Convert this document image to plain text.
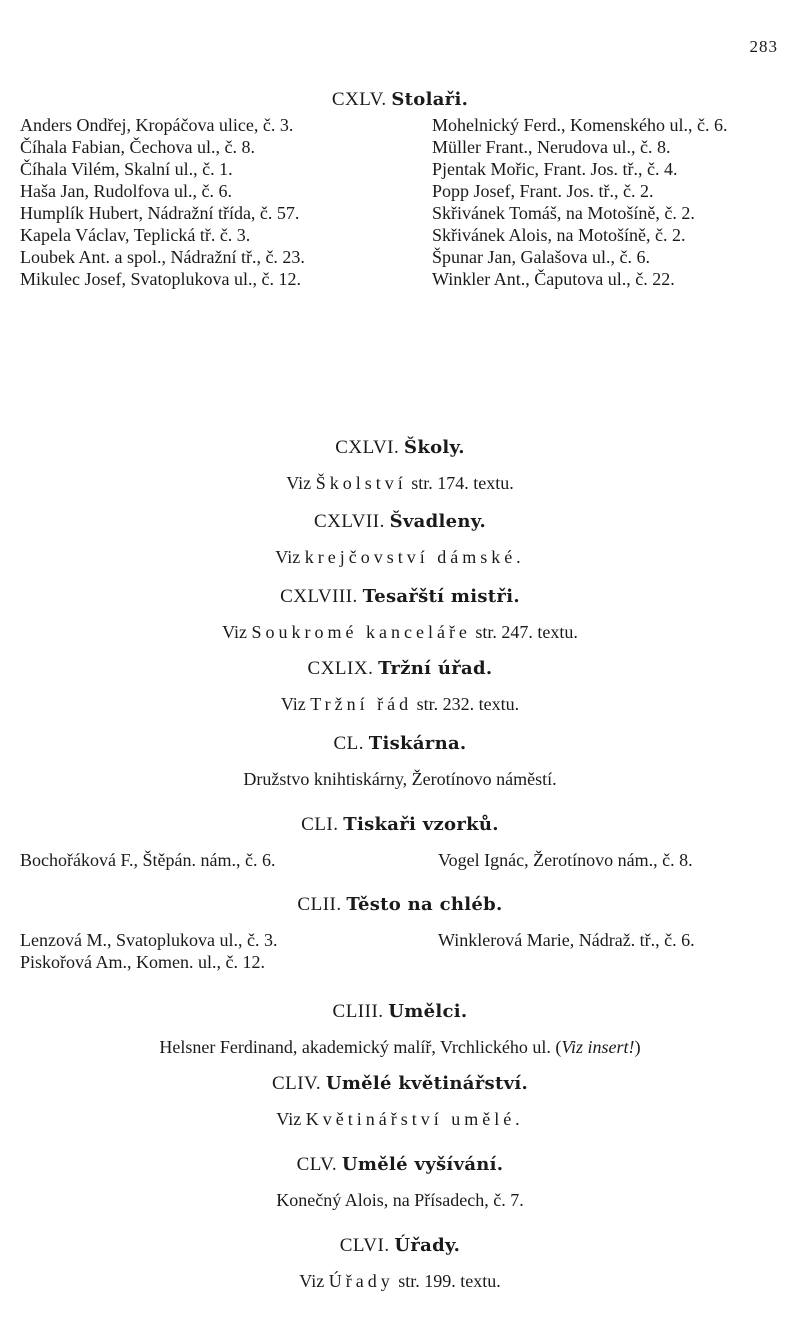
283
CXLV. Stolaři.

Anders Ondřej, Kropáčova ulice, č. 3.

Číhala Fabian, Čechova ul., č. 8.

Číhala Vilém, Skalní ul., č. 1.

Haša Jan, Rudolfova ul., č. 6.

Humplík Hubert, Nádražní třída, č. 57.

Kapela Václav, Teplická tř. č. 3.

Loubek Ant. a spol., Nádražní tř., č. 23.

Mikulec Josef, Svatoplukova ul., č. 12.

Mohelnický Ferd., Komenského ul., č. 6.

Müller Frant., Nerudova ul., č. 8.

Pjentak Mořic, Frant. Jos. tř., č. 4.

Popp Josef, Frant. Jos. tř., č. 2.

Skřivánek Tomáš, na Motošíně, č. 2.

Skřivánek Alois, na Motošíně, č. 2.

Špunar Jan, Galašova ul., č. 6.

Winkler Ant., Čaputova ul., č. 22.

CXLVI. Školy.
Viz Školství str. 174. textu.
CXLVII. Švadleny.
Viz krejčovství dámské.
CXLVIII. Tesařští mistři.
Viz Soukromé kanceláře str. 247. textu.
CXLIX. Tržní úřad.
Viz Tržní řád str. 232. textu.
CL. Tiskárna.
Družstvo knihtiskárny, Žerotínovo náměstí.
CLI. Tiskaři vzorků.

Bochořáková F., Štěpán. nám., č. 6.	Vogel Ignác, Žerotínovo nám., č. 8.

CLII. Těsto na chléb.

Lenzová M., Svatoplukova ul., č. 3.

Piskořová Am., Komen. ul., č. 12.

Winklerová Marie, Nádraž. tř., č. 6.

CLIII. Umělci.
Helsner Ferdinand, akademický malíř, Vrchlického ul. (Viz insert!)
CLIV. Umělé květinářství.
Viz Květinářství umělé.
CLV. Umělé vyšívání.
Konečný Alois, na Přísadech, č. 7.
CLVI. Úřady.
Viz Úřady str. 199. textu.
